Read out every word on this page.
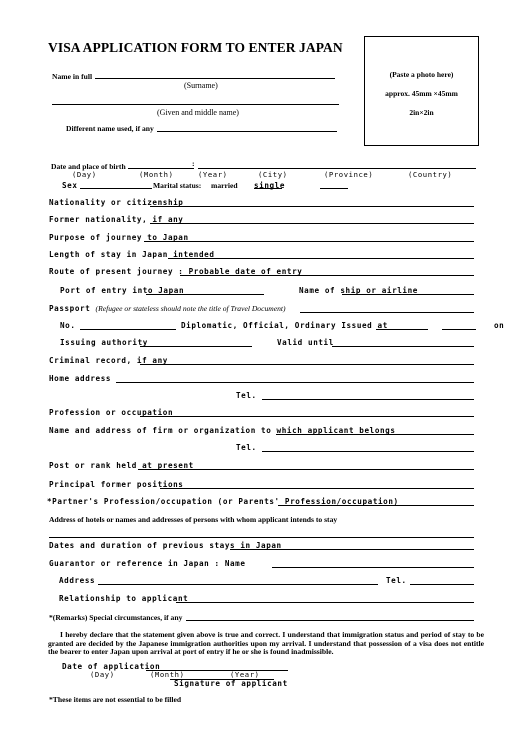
VISA APPLICATION FORM TO ENTER JAPAN
(Paste a photo here)
approx. 45mm ×45mm
2in×2in
Name in full
(Surname)
(Given and middle name)
Different name used, if any
Date and place of birth	:
(Day)	(Month)	(Year)	(City)	(Province)	(Country)
Sex	Marital status: married single
Nationality or citizenship
Former nationality, if any
Purpose of journey to Japan
Length of stay in Japan intended
Route of present journey : Probable date of entry
Port of entry into Japan	Name of ship or airline
Passport (Refugee or stateless should note the title of Travel Document)
No.	Diplomatic, Official, Ordinary Issued at	on
Issuing authority	Valid until
Criminal record, if any
Home address
Tel.
Profession or occupation
Name and address of firm or organization to which applicant belongs
Tel.
Post or rank held at present
Principal former positions
*Partner's Profession/occupation (or Parents' Profession/occupation)
Address of hotels or names and addresses of persons with whom applicant intends to stay
Dates and duration of previous stays in Japan
Guarantor or reference in Japan : Name
Address	Tel.
Relationship to applicant
*(Remarks) Special circumstances, if any
I hereby declare that the statement given above is true and correct. I understand that immigration status and period of stay to be granted are decided by the Japanese immigration authorities upon my arrival. I understand that possession of a visa does not entitle the bearer to enter Japan upon arrival at port of entry if he or she is found inadmissible.
Date of application
(Day)	(Month)	(Year)
Signature of applicant
*These items are not essential to be filled
